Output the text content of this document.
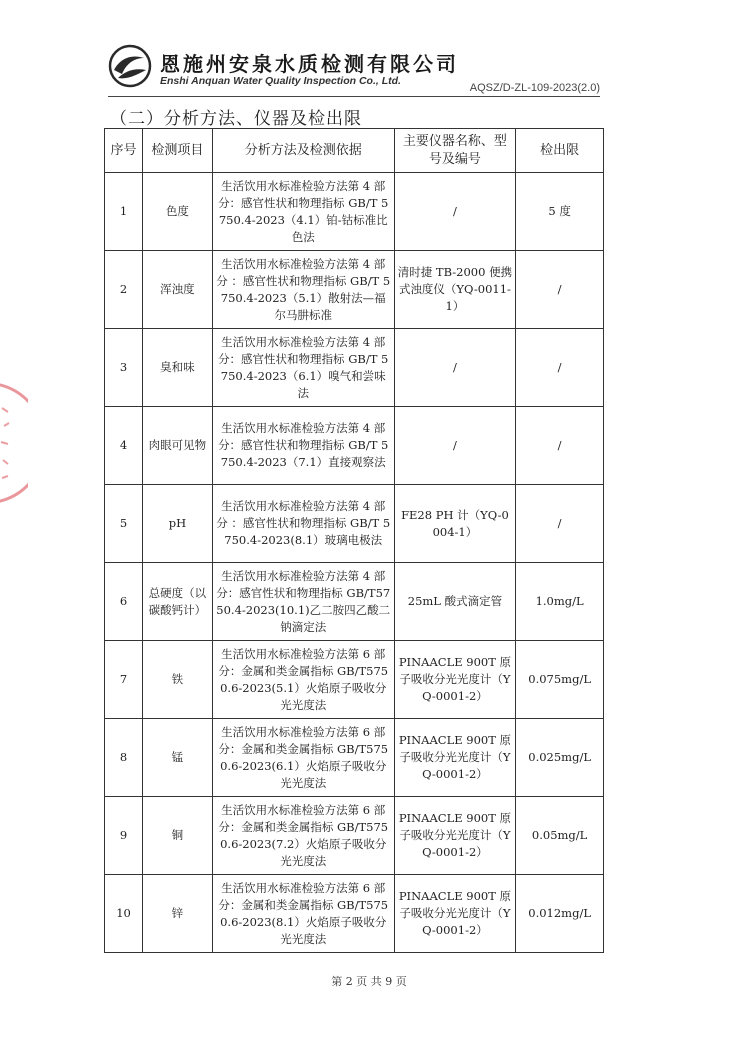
恩施州安泉水质检测有限公司
Enshi Anquan Water Quality Inspection Co., Ltd.
AQSZ/D-ZL-109-2023(2.0)
（二）分析方法、仪器及检出限
序号	检测项目	分析方法及检测依据	主要仪器名称、型号及编号	检出限
1	色度	生活饮用水标准检验方法第 4 部分：感官性状和物理指标 GB/T 5750.4-2023（4.1）铂-钴标准比色法	/	5 度
2	浑浊度	生活饮用水标准检验方法第 4 部分 ：感官性状和物理指标 GB/T 5750.4-2023（5.1）散射法—福尔马肼标准	清时捷 TB-2000 便携式浊度仪（YQ-0011-1）	/
3	臭和味	生活饮用水标准检验方法第 4 部分：感官性状和物理指标 GB/T 5750.4-2023（6.1）嗅气和尝味法	/	/
4	肉眼可见物	生活饮用水标准检验方法第 4 部分：感官性状和物理指标 GB/T 5750.4-2023（7.1）直接观察法	/	/
5	pH	生活饮用水标准检验方法第 4 部分 ：感官性状和物理指标 GB/T 5750.4-2023(8.1）玻璃电极法	FE28 PH 计（YQ-0004-1）	/
6	总硬度（以碳酸钙计）	生活饮用水标准检验方法第 4 部分：感官性状和物理指标 GB/T5750.4-2023(10.1)乙二胺四乙酸二钠滴定法	25mL 酸式滴定管	1.0mg/L
7	铁	生活饮用水标准检验方法第 6 部分：金属和类金属指标 GB/T5750.6-2023(5.1）火焰原子吸收分光光度法	PINAACLE 900T 原子吸收分光光度计（YQ-0001-2）	0.075mg/L
8	锰	生活饮用水标准检验方法第 6 部分：金属和类金属指标 GB/T5750.6-2023(6.1）火焰原子吸收分光光度法	PINAACLE 900T 原子吸收分光光度计（YQ-0001-2）	0.025mg/L
9	铜	生活饮用水标准检验方法第 6 部分：金属和类金属指标 GB/T5750.6-2023(7.2）火焰原子吸收分光光度法	PINAACLE 900T 原子吸收分光光度计（YQ-0001-2）	0.05mg/L
10	锌	生活饮用水标准检验方法第 6 部分：金属和类金属指标 GB/T5750.6-2023(8.1）火焰原子吸收分光光度法	PINAACLE 900T 原子吸收分光光度计（YQ-0001-2）	0.012mg/L
第 2 页 共 9 页
